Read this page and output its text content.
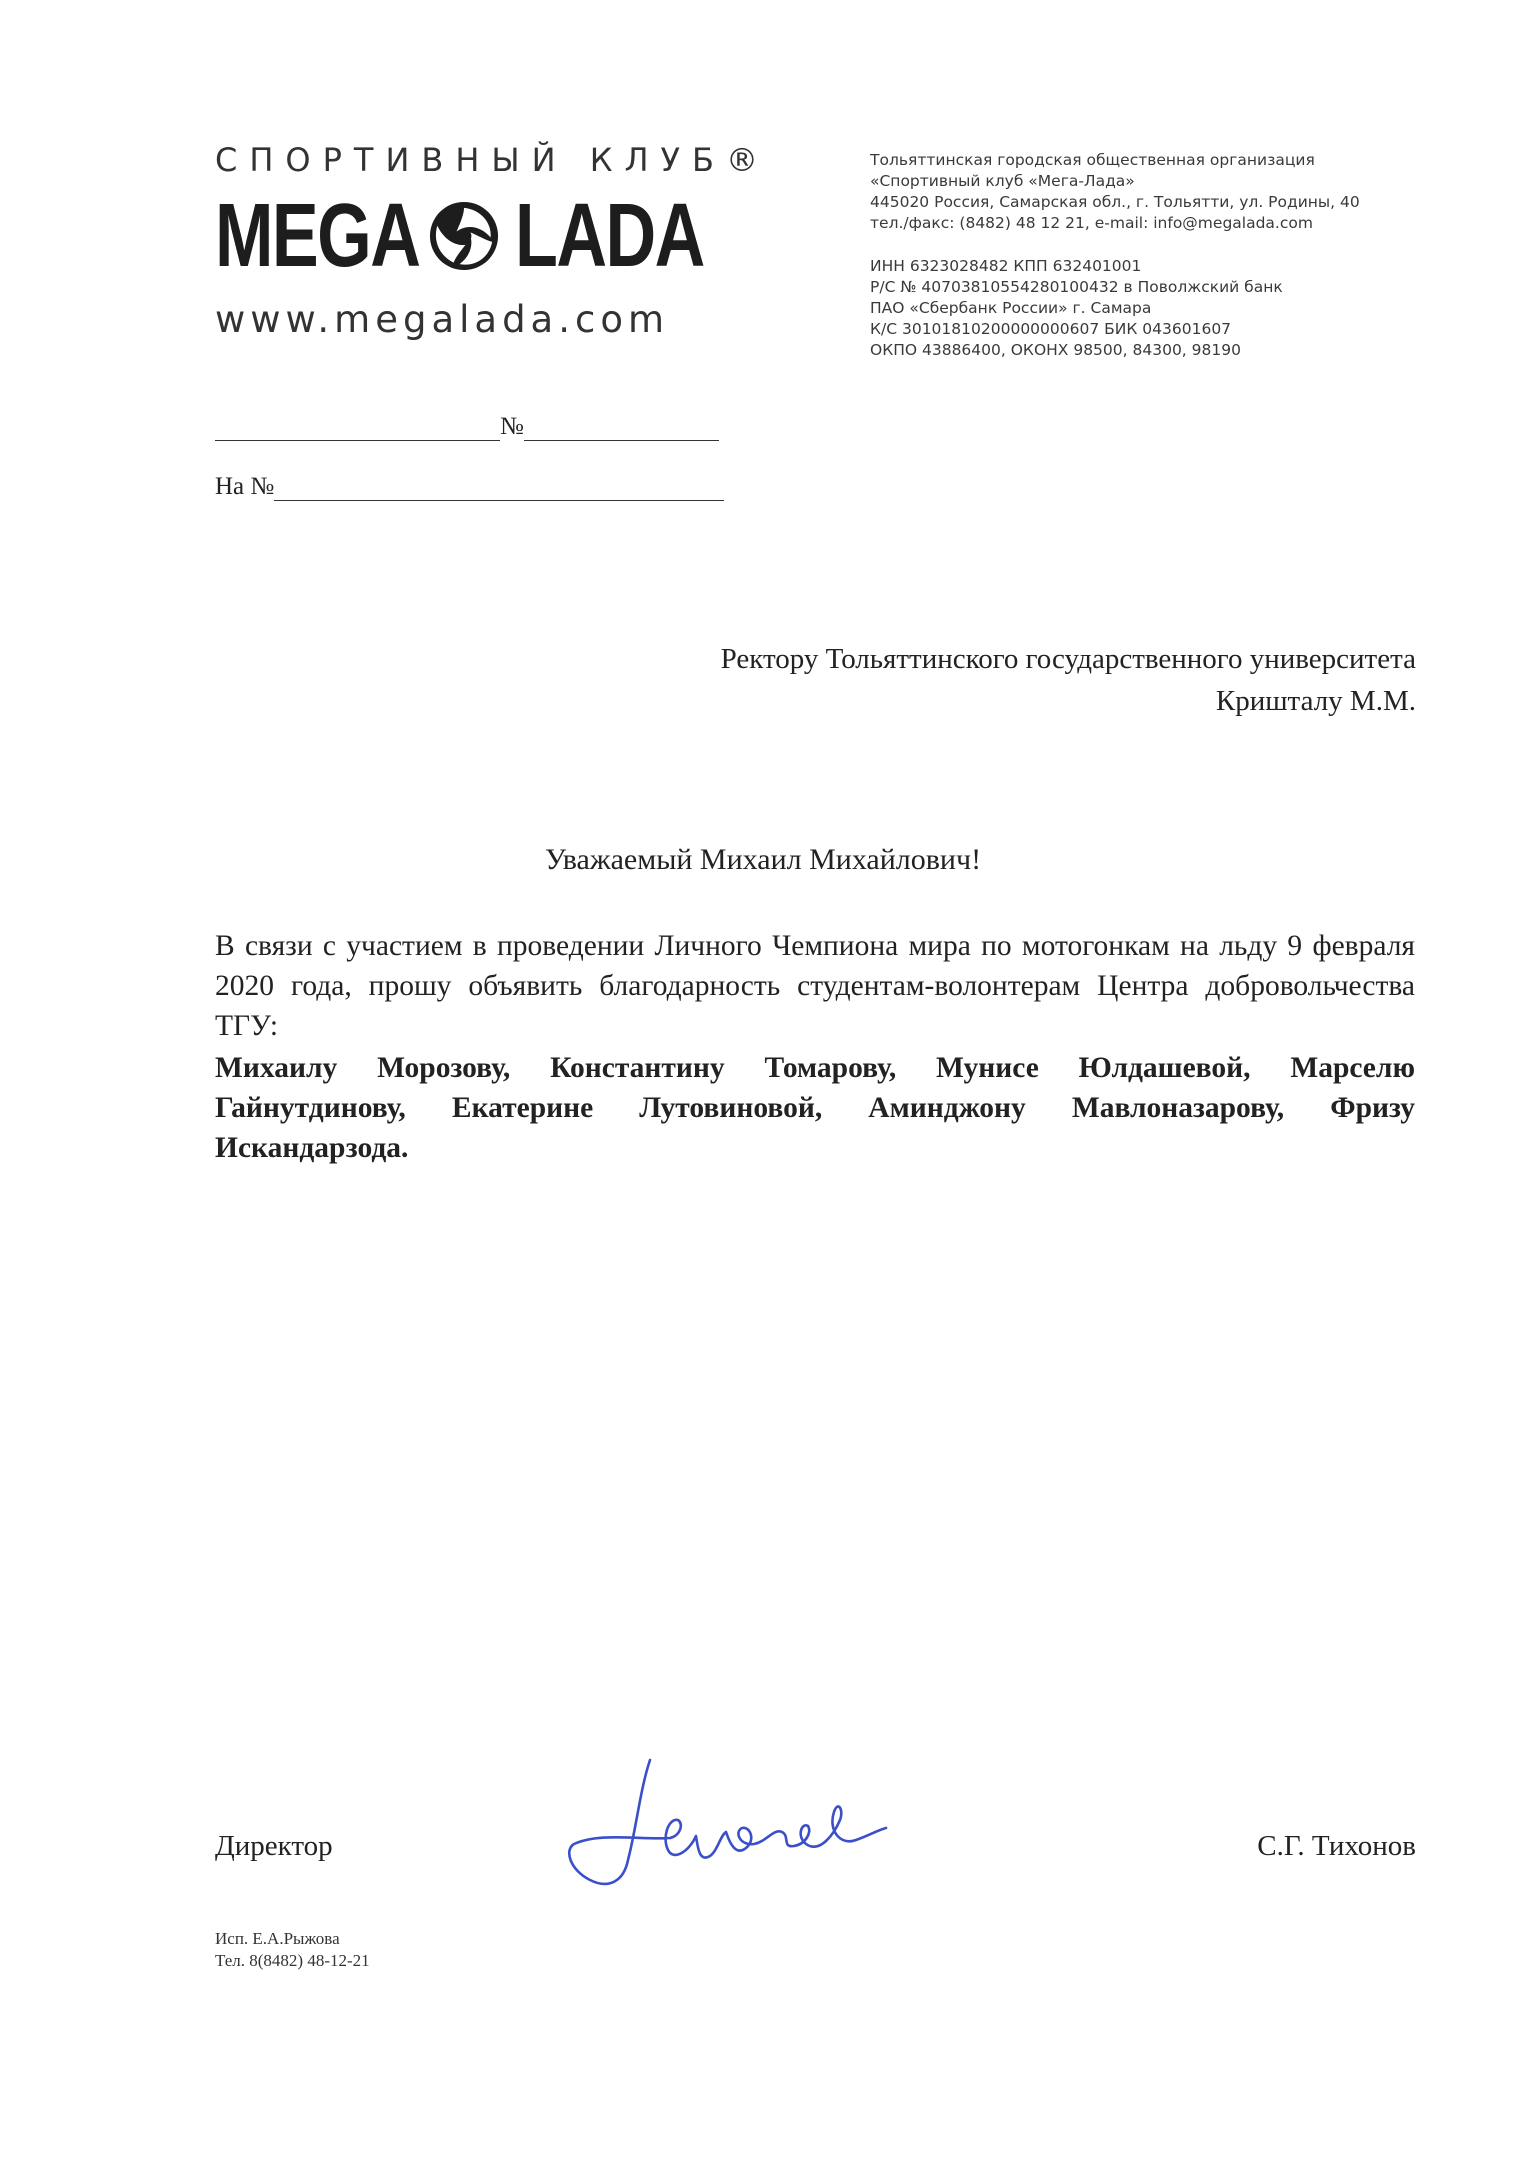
СПОРТИВНЫЙ КЛУБ®
MEGA LADA
www.megalada.com
Тольяттинская городская общественная организация
«Спортивный клуб «Мега-Лада»
445020 Россия, Самарская обл., г. Тольятти, ул. Родины, 40
тел./факс: (8482) 48 12 21, e-mail: info@megalada.com
ИНН 6323028482 КПП 632401001
Р/С № 40703810554280100432 в Поволжский банк
ПАО «Сбербанк России» г. Самара
К/С 30101810200000000607 БИК 043601607
ОКПО 43886400, ОКОНХ 98500, 84300, 98190
№
На №
Ректору Тольяттинского государственного университета
Кришталу М.М.
Уважаемый Михаил Михайлович!

В связи с участием в проведении Личного Чемпиона мира по мотогонкам на льду 9 февраля 2020 года, прошу объявить благодарность студентам-волонтерам Центра добровольчества ТГУ:

Михаилу Морозову, Константину Томарову, Мунисе Юлдашевой, Марселю Гайнутдинову, Екатерине Лутовиновой, Аминджону Мавлоназарову, Фризу Искандарзода.

Директор	С.Г. Тихонов
Исп. Е.А.Рыжова
Тел. 8(8482) 48-12-21
